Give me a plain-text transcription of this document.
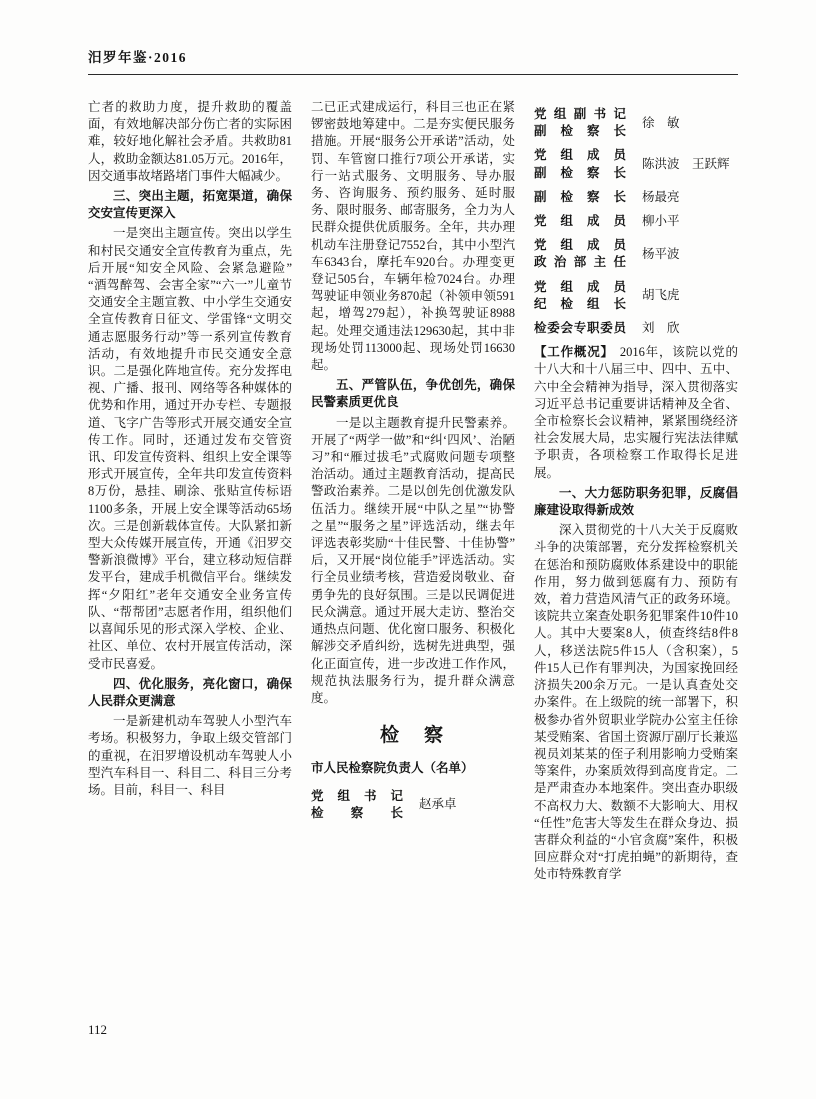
汨罗年鉴·2016

亡者的救助力度，提升救助的覆盖面，有效地解决部分伤亡者的实际困难，较好地化解社会矛盾。共救助81人，救助金额达81.05万元。2016年，因交通事故堵路堵门事件大幅减少。

三、突出主题，拓宽渠道，确保交安宣传更深入

一是突出主题宣传。突出以学生和村民交通安全宣传教育为重点，先后开展“知安全风险、会紧急避险”“酒驾醉驾、会害全家”“六一”儿童节交通安全主题宣教、中小学生交通安全宣传教育日征文、学雷锋“文明交通志愿服务行动”等一系列宣传教育活动，有效地提升市民交通安全意识。二是强化阵地宣传。充分发挥电视、广播、报刊、网络等各种媒体的优势和作用，通过开办专栏、专题报道、飞字广告等形式开展交通安全宣传工作。同时，还通过发布交管资讯、印发宣传资料、组织上安全课等形式开展宣传，全年共印发宣传资料8万份，悬挂、刷涂、张贴宣传标语1100多条，开展上安全课等活动65场次。三是创新载体宣传。大队紧扣新型大众传媒开展宣传，开通《汨罗交警新浪微博》平台，建立移动短信群发平台，建成手机微信平台。继续发挥“夕阳红”老年交通安全业务宣传队、“帮帮团”志愿者作用，组织他们以喜闻乐见的形式深入学校、企业、社区、单位、农村开展宣传活动，深受市民喜爱。

四、优化服务，亮化窗口，确保人民群众更满意

一是新建机动车驾驶人小型汽车考场。积极努力，争取上级交管部门的重视，在汨罗增设机动车驾驶人小型汽车科目一、科目二、科目三分考场。目前，科目一、科目

二已正式建成运行，科目三也正在紧锣密鼓地筹建中。二是夯实便民服务措施。开展“服务公开承诺”活动，处罚、车管窗口推行7项公开承诺，实行一站式服务、文明服务、导办服务、咨询服务、预约服务、延时服务、限时服务、邮寄服务，全力为人民群众提供优质服务。全年，共办理机动车注册登记7552台，其中小型汽车6343台，摩托车920台。办理变更登记505台，车辆年检7024台。办理驾驶证申领业务870起（补领申领591起，增驾279起），补换驾驶证8988起。处理交通违法129630起，其中非现场处罚113000起、现场处罚16630起。

五、严管队伍，争优创先，确保民警素质更优良

一是以主题教育提升民警素养。开展了“两学一做”和“纠‘四风’、治陋习”和“雁过拔毛”式腐败问题专项整治活动。通过主题教育活动，提高民警政治素养。二是以创先创优激发队伍活力。继续开展“中队之星”“协警之星”“服务之星”评选活动，继去年评选表彰奖励“十佳民警、十佳协警”后，又开展“岗位能手”评选活动。实行全员业绩考核，营造爱岗敬业、奋勇争先的良好氛围。三是以民调促进民众满意。通过开展大走访、整治交通热点问题、优化窗口服务、积极化解涉交矛盾纠纷，选树先进典型，强化正面宣传，进一步改进工作作风，规范执法服务行为，提升群众满意度。

检　察
市人民检察院负责人（名单）
党组书记
检察长
赵承卓
党组副书记
副检察长
徐　敏
党组成员
副检察长
陈洪波　王跃辉
副检察长 杨最亮
党组成员 柳小平
党组成员
政治部主任
杨平波
党组成员
纪检组长
胡飞虎
检委会专职委员 刘　欣

【工作概况】 2016年，该院以党的十八大和十八届三中、四中、五中、六中全会精神为指导，深入贯彻落实习近平总书记重要讲话精神及全省、全市检察长会议精神，紧紧围绕经济社会发展大局，忠实履行宪法法律赋予职责，各项检察工作取得长足进展。

一、大力惩防职务犯罪，反腐倡廉建设取得新成效

深入贯彻党的十八大关于反腐败斗争的决策部署，充分发挥检察机关在惩治和预防腐败体系建设中的职能作用，努力做到惩腐有力、预防有效，着力营造风清气正的政务环境。该院共立案查处职务犯罪案件10件10人。其中大要案8人，侦查终结8件8人，移送法院5件15人（含积案），5件15人已作有罪判决，为国家挽回经济损失200余万元。一是认真查处交办案件。在上级院的统一部署下，积极参办省外贸职业学院办公室主任徐某受贿案、省国土资源厅副厅长兼巡视员刘某某的侄子利用影响力受贿案等案件，办案质效得到高度肯定。二是严肃查办本地案件。突出查办职级不高权力大、数额不大影响大、用权“任性”危害大等发生在群众身边、损害群众利益的“小官贪腐”案件，积极回应群众对“打虎拍蝇”的新期待，查处市特殊教育学

112
